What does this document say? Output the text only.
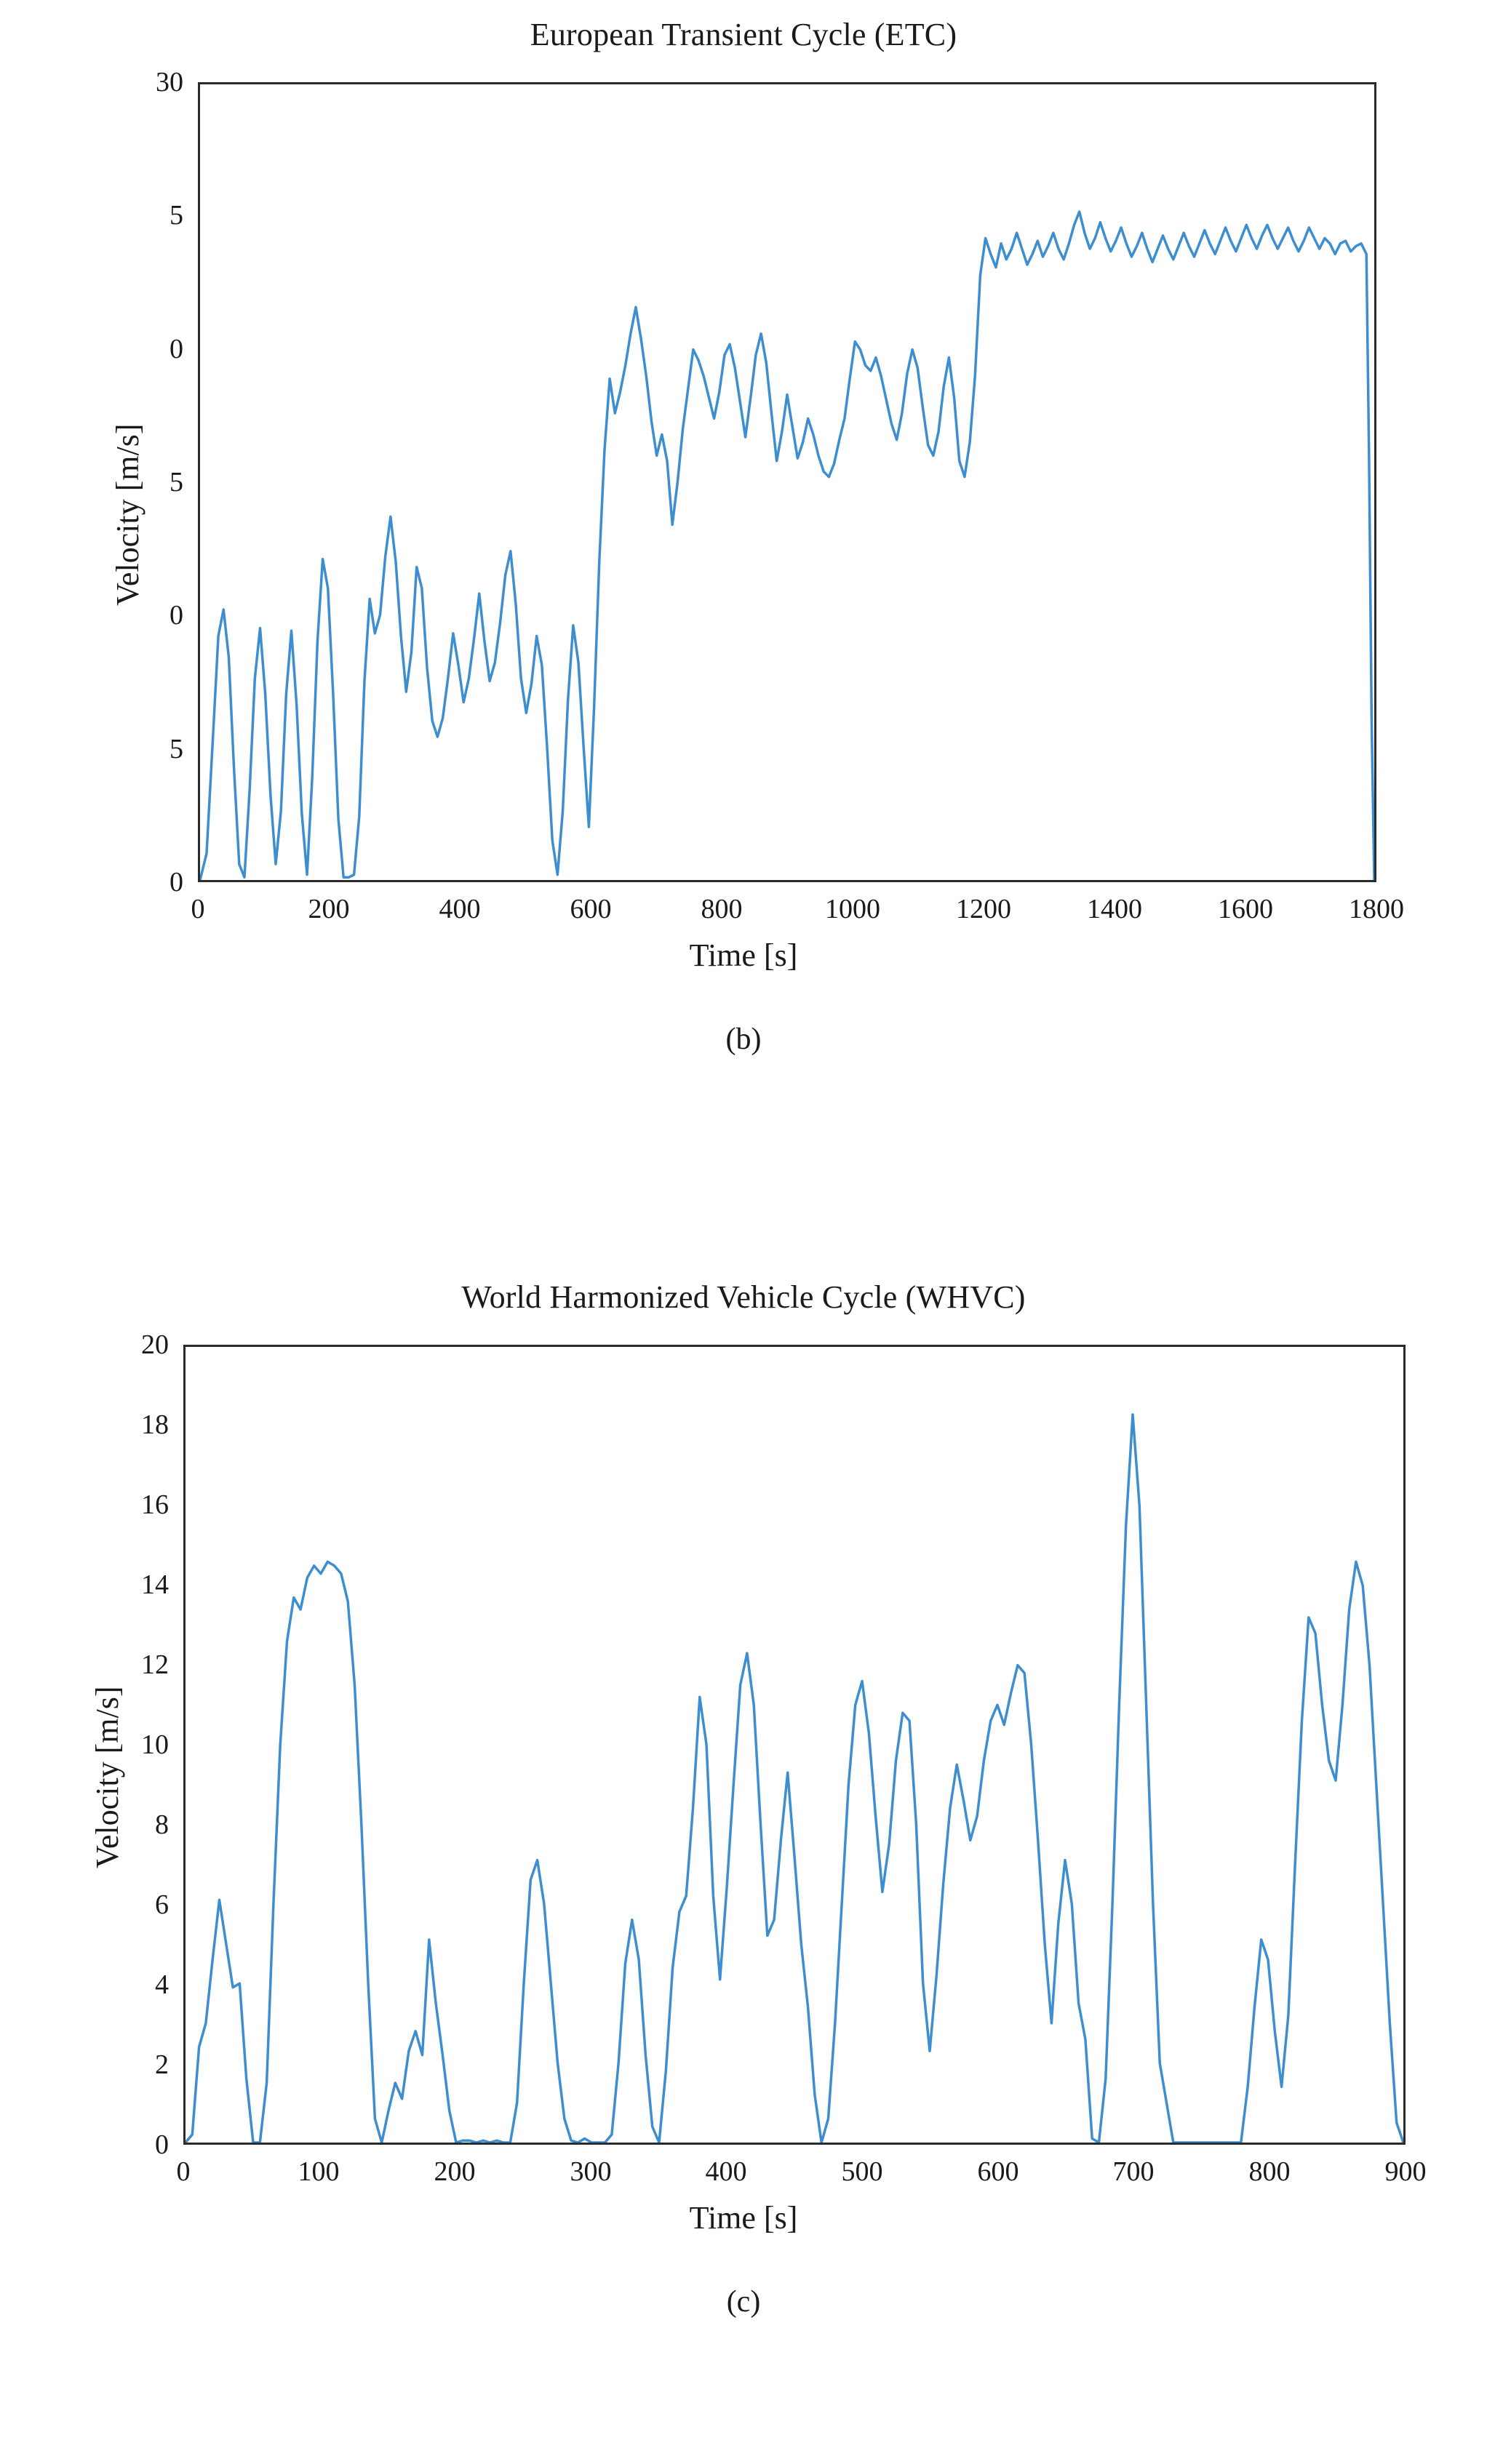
European Transient Cycle (ETC)
Velocity [m/s]
30
5
0
5
0
5
0
0	200	400	600	800	1000	1200	1400	1600	1800
Time [s]
(b)
World Harmonized Vehicle Cycle (WHVC)
Velocity [m/s]
20
18
16
14
12
10
8
6
4
2
0
0	100	200	300	400	500	600	700	800	900
Time [s]
(c)
